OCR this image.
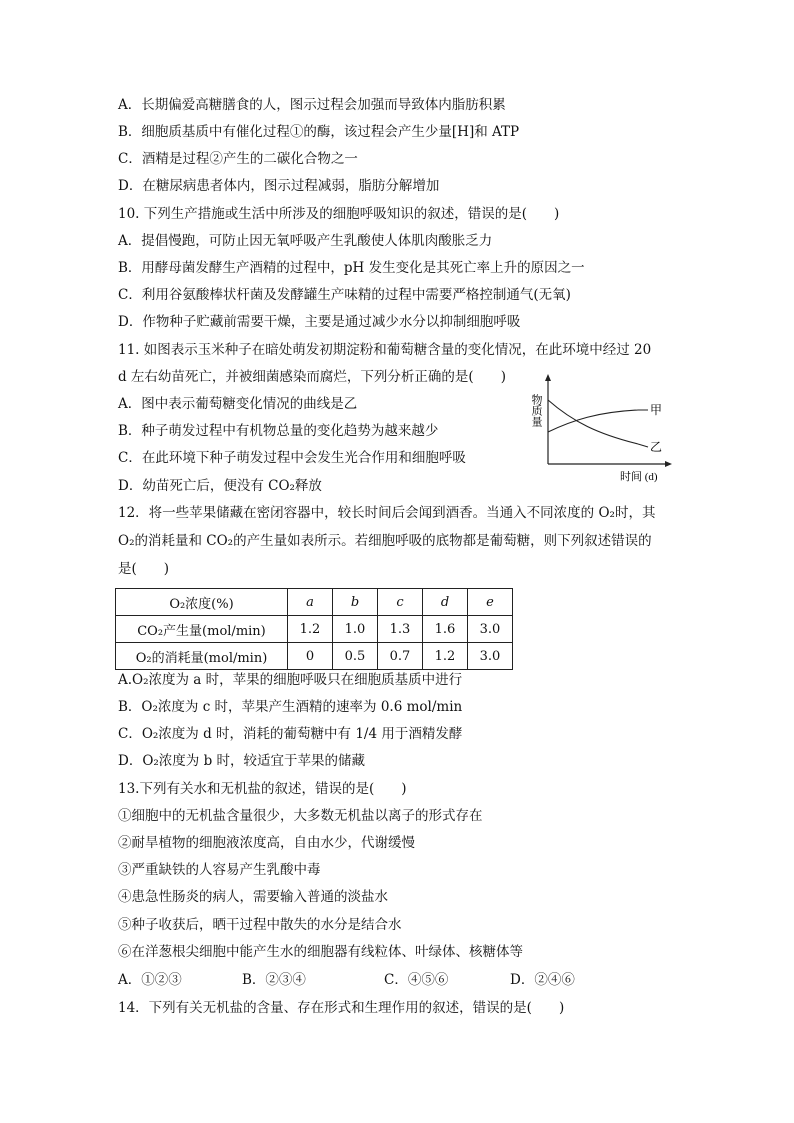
A．长期偏爱高糖膳食的人，图示过程会加强而导致体内脂肪积累
B．细胞质基质中有催化过程①的酶，该过程会产生少量[H]和 ATP
C．酒精是过程②产生的二碳化合物之一
D．在糖尿病患者体内，图示过程减弱，脂肪分解增加
10. 下列生产措施或生活中所涉及的细胞呼吸知识的叙述，错误的是(　　)
A．提倡慢跑，可防止因无氧呼吸产生乳酸使人体肌肉酸胀乏力
B．用酵母菌发酵生产酒精的过程中，pH 发生变化是其死亡率上升的原因之一
C．利用谷氨酸棒状杆菌及发酵罐生产味精的过程中需要严格控制通气(无氧)
D．作物种子贮藏前需要干燥，主要是通过减少水分以抑制细胞呼吸
11. 如图表示玉米种子在暗处萌发初期淀粉和葡萄糖含量的变化情况，在此环境中经过 20
d 左右幼苗死亡，并被细菌感染而腐烂，下列分析正确的是(　　)
A．图中表示葡萄糖变化情况的曲线是乙
B．种子萌发过程中有机物总量的变化趋势为越来越少
C．在此环境下种子萌发过程中会发生光合作用和细胞呼吸
D．幼苗死亡后，便没有 CO₂释放
物质量	甲
乙
时间 (d)
12．将一些苹果储藏在密闭容器中，较长时间后会闻到酒香。当通入不同浓度的 O₂时，其
O₂的消耗量和 CO₂的产生量如表所示。若细胞呼吸的底物都是葡萄糖，则下列叙述错误的
是(　　)
O₂浓度(%)	a	b	c	d	e
CO₂产生量(mol/min)	1.2	1.0	1.3	1.6	3.0
O₂的消耗量(mol/min)	0	0.5	0.7	1.2	3.0
A.O₂浓度为 a 时，苹果的细胞呼吸只在细胞质基质中进行
B．O₂浓度为 c 时，苹果产生酒精的速率为 0.6 mol/min
C．O₂浓度为 d 时，消耗的葡萄糖中有 1/4 用于酒精发酵
D．O₂浓度为 b 时，较适宜于苹果的储藏
13.下列有关水和无机盐的叙述，错误的是(　　)
①细胞中的无机盐含量很少，大多数无机盐以离子的形式存在
②耐旱植物的细胞液浓度高，自由水少，代谢缓慢
③严重缺铁的人容易产生乳酸中毒
④患急性肠炎的病人，需要输入普通的淡盐水
⑤种子收获后，晒干过程中散失的水分是结合水
⑥在洋葱根尖细胞中能产生水的细胞器有线粒体、叶绿体、核糖体等
A．①②③	B．②③④	C．④⑤⑥	D．②④⑥
14．下列有关无机盐的含量、存在形式和生理作用的叙述，错误的是(　　)
